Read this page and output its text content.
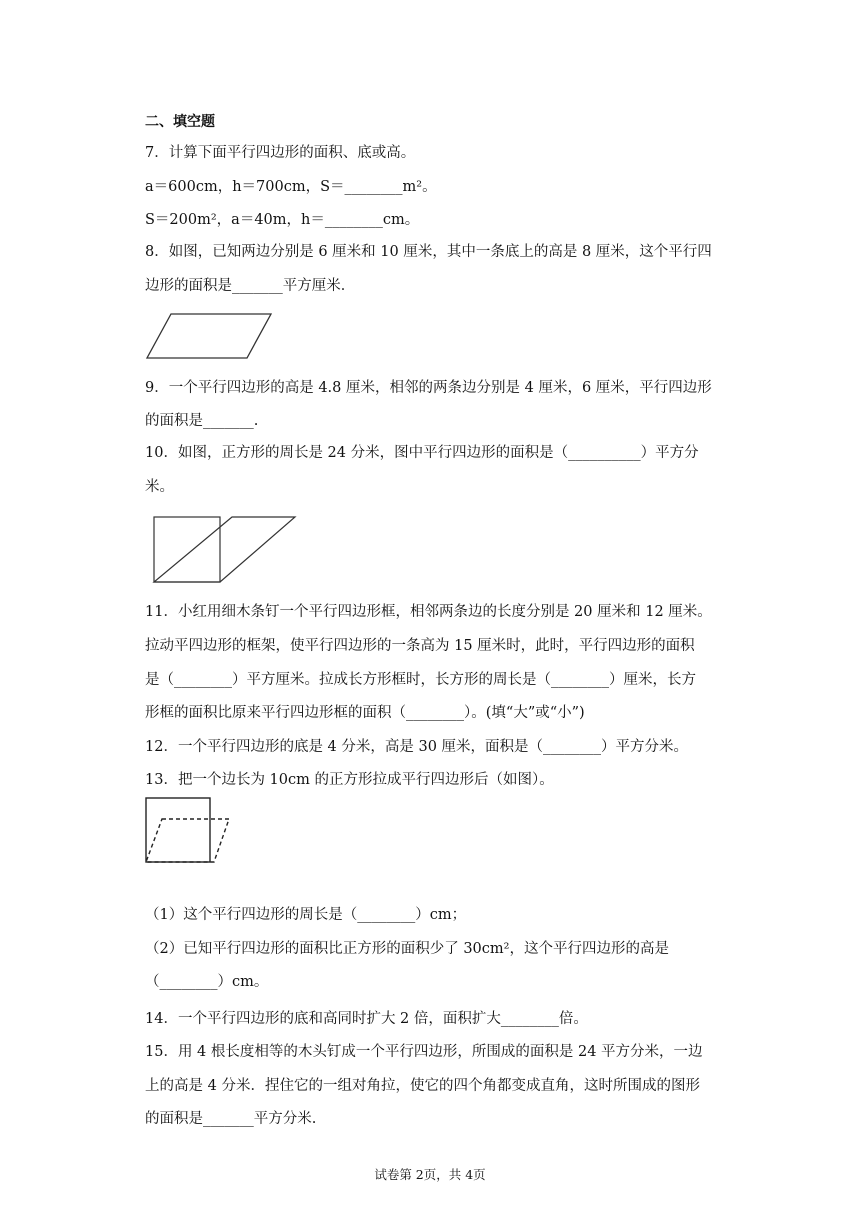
二、填空题
7．计算下面平行四边形的面积、底或高。
a＝600cm，h＝700cm，S＝________m²。
S＝200m²，a＝40m，h＝________cm。
8．如图，已知两边分别是 6 厘米和 10 厘米，其中一条底上的高是 8 厘米，这个平行四
边形的面积是_______平方厘米．
9．一个平行四边形的高是 4.8 厘米，相邻的两条边分别是 4 厘米，6 厘米，平行四边形
的面积是_______.
10．如图，正方形的周长是 24 分米，图中平行四边形的面积是（__________）平方分
米。
11．小红用细木条钉一个平行四边形框，相邻两条边的长度分别是 20 厘米和 12 厘米。
拉动平四边形的框架，使平行四边形的一条高为 15 厘米时，此时，平行四边形的面积
是（________）平方厘米。拉成长方形框时，长方形的周长是（________）厘米，长方
形框的面积比原来平行四边形框的面积（________）。(填“大”或“小”)
12．一个平行四边形的底是 4 分米，高是 30 厘米，面积是（________）平方分米。
13．把一个边长为 10cm 的正方形拉成平行四边形后（如图）。
（1）这个平行四边形的周长是（________）cm；
（2）已知平行四边形的面积比正方形的面积少了 30cm²，这个平行四边形的高是
（________）cm。
14．一个平行四边形的底和高同时扩大 2 倍，面积扩大________倍。
15．用 4 根长度相等的木头钉成一个平行四边形，所围成的面积是 24 平方分米，一边
上的高是 4 分米．捏住它的一组对角拉，使它的四个角都变成直角，这时所围成的图形
的面积是_______平方分米.
试卷第 2页，共 4页
